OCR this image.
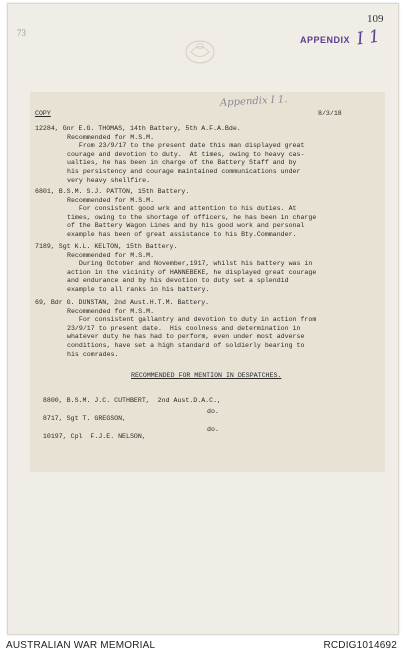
109
73
APPENDIX I 1
COPY
Appendix I 1.
8/3/18
12284, Gnr E.G. THOMAS, 14th Battery, 5th A.F.A.Bde.
Recommended for M.S.M.
From 23/9/17 to the present date this man displayed great
courage and devotion to duty.  At times, owing to heavy cas-
ualties, he has been in charge of the Battery Staff and by
his persistency and courage maintained communications under
very heavy shellfire.
6801, B.S.M. S.J. PATTON, 15th Battery.
Recommended for M.S.M.
For consistent good wrk and attention to his duties. At
times, owing to the shortage of officers, he has been in charge
of the Battery Wagon Lines and by his good work and personal
example has been of great assistance to his Bty.Commander.
7189, Sgt K.L. KELTON, 15th Battery.
Recommended for M.S.M.
During October and November,1917, whilst his battery was in
action in the vicinity of HANNEBEKE, he displayed great courage
and endurance and by his devotion to duty set a splendid
example to all ranks in his battery.
69, Bdr G. DUNSTAN, 2nd Aust.H.T.M. Battery.
Recommended for M.S.M.
For consistent gallantry and devotion to duty in action from
23/9/17 to present date.  His coolness and determination in
whatever duty he has had to perform, even under most adverse
conditions, have set a high standard of soldierly bearing to
his comrades.
RECOMMENDED FOR MENTION IN DESPATCHES.

8800, B.S.M. J.C. CUTHBERT,  2nd Aust.D.A.C.,

8717, Sgt T. GREGSON,

do.

10197, Cpl  F.J.E. NELSON,

do.

AUSTRALIAN WAR MEMORIAL	RCDIG1014692
